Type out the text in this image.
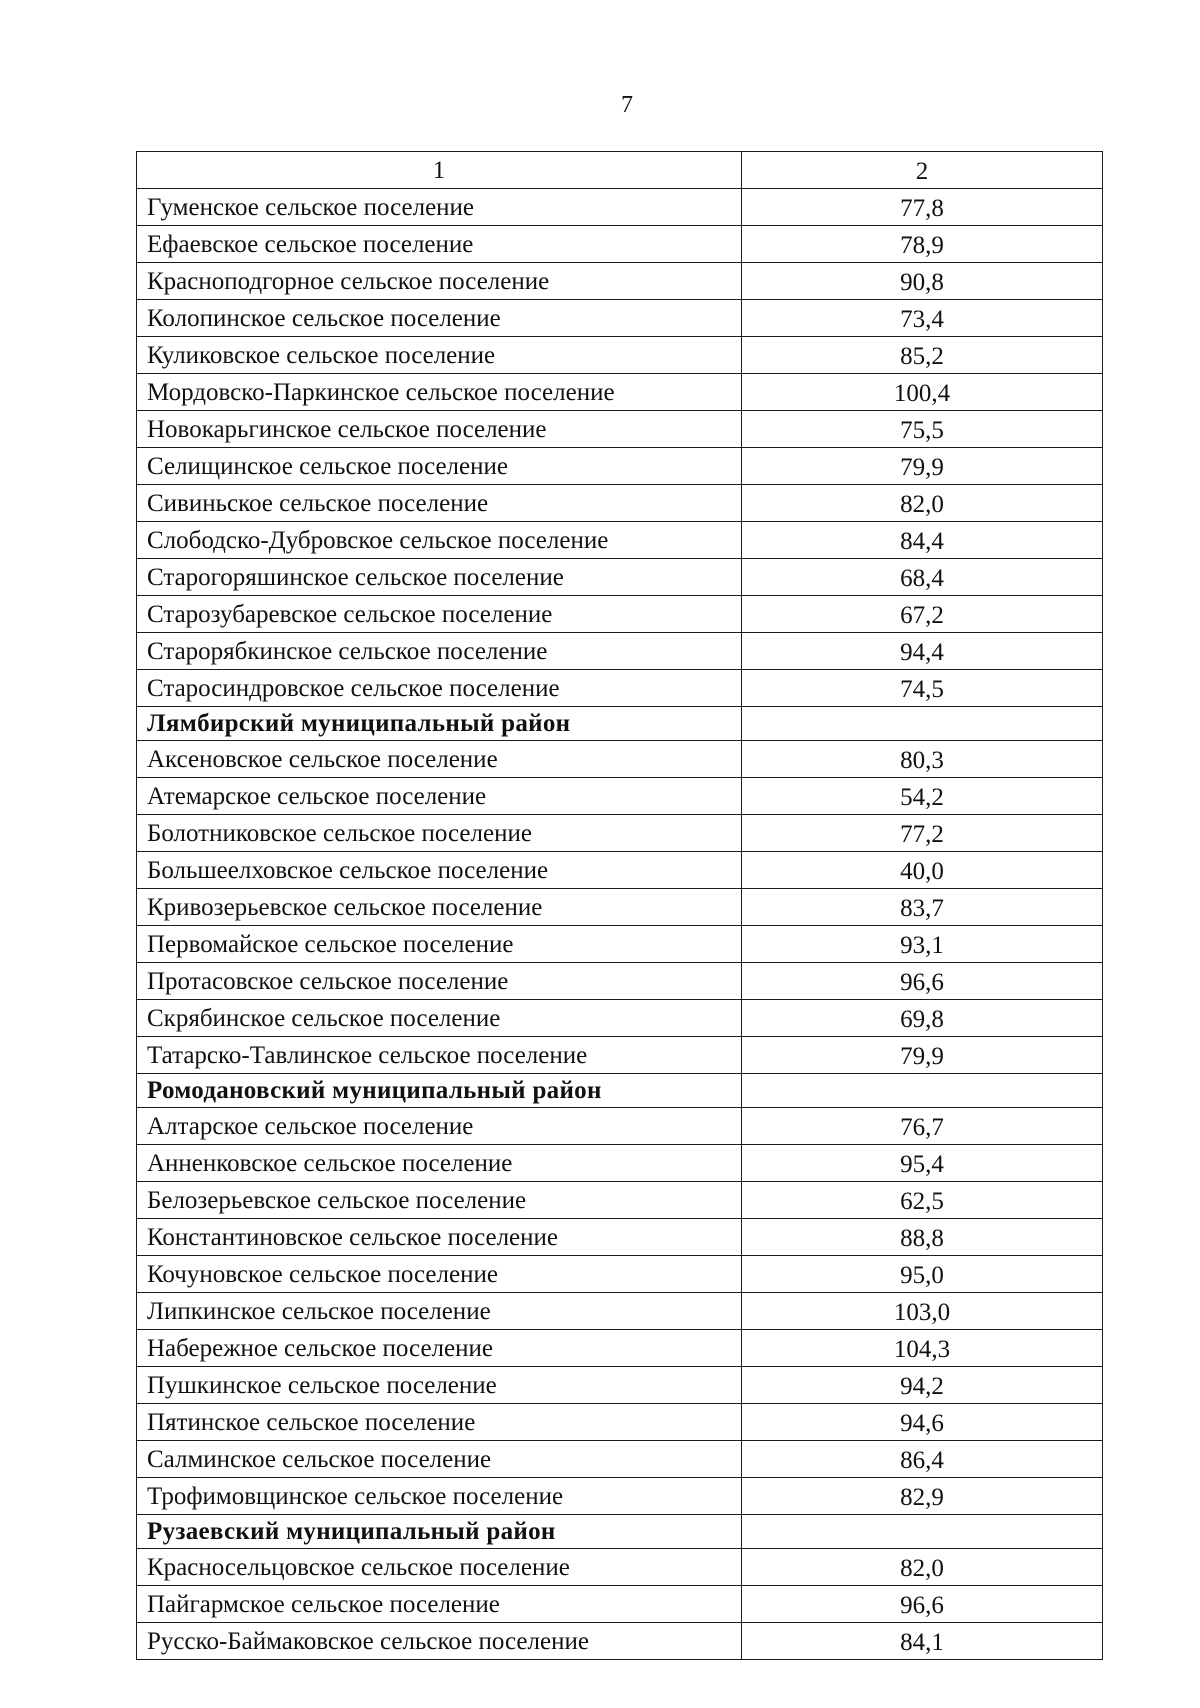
7
1	2
Гуменское сельское поселение	77,8
Ефаевское сельское поселение	78,9
Красноподгорное сельское поселение	90,8
Колопинское сельское поселение	73,4
Куликовское сельское поселение	85,2
Мордовско-Паркинское сельское поселение	100,4
Новокарьгинское сельское поселение	75,5
Селищинское сельское поселение	79,9
Сивиньское сельское поселение	82,0
Слободско-Дубровское сельское поселение	84,4
Старогоряшинское сельское поселение	68,4
Старозубаревское сельское поселение	67,2
Старорябкинское сельское поселение	94,4
Старосиндровское сельское поселение	74,5
Лямбирский муниципальный район	
Аксеновское сельское поселение	80,3
Атемарское сельское поселение	54,2
Болотниковское сельское поселение	77,2
Большеелховское сельское поселение	40,0
Кривозерьевское сельское поселение	83,7
Первомайское сельское поселение	93,1
Протасовское сельское поселение	96,6
Скрябинское сельское поселение	69,8
Татарско-Тавлинское сельское поселение	79,9
Ромодановский муниципальный район	
Алтарское сельское поселение	76,7
Анненковское сельское поселение	95,4
Белозерьевское сельское поселение	62,5
Константиновское сельское поселение	88,8
Кочуновское сельское поселение	95,0
Липкинское сельское поселение	103,0
Набережное сельское поселение	104,3
Пушкинское сельское поселение	94,2
Пятинское сельское поселение	94,6
Салминское сельское поселение	86,4
Трофимовщинское сельское поселение	82,9
Рузаевский муниципальный район	
Красносельцовское сельское поселение	82,0
Пайгармское сельское поселение	96,6
Русско-Баймаковское сельское поселение	84,1
